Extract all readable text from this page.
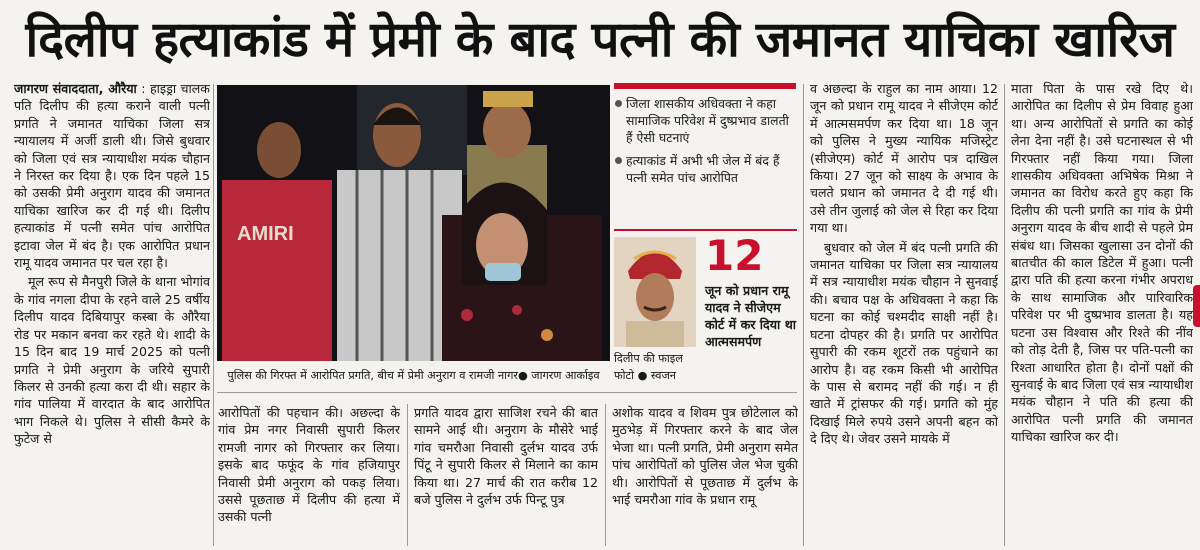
दिलीप हत्याकांड में प्रेमी के बाद पत्नी की जमानत याचिका खारिज

जागरण संवाददाता, औरैया : हाइड्रा चालक पति दिलीप की हत्या कराने वाली पत्नी प्रगति ने जमानत याचिका जिला सत्र न्यायालय में अर्जी डाली थी। जिसे बुधवार को जिला एवं सत्र न्यायाधीश मयंक चौहान ने निरस्त कर दिया है। एक दिन पहले 15 को उसकी प्रेमी अनुराग यादव की जमानत याचिका खारिज कर दी गई थी। दिलीप हत्याकांड में पत्नी समेत पांच आरोपित इटावा जेल में बंद है। एक आरोपित प्रधान रामू यादव जमानत पर चल रहा है।

मूल रूप से मैनपुरी जिले के थाना भोगांव के गांव नगला दीपा के रहने वाले 25 वर्षीय दिलीप यादव दिबियापुर कस्बा के औरैया रोड पर मकान बनवा कर रहते थे। शादी के 15 दिन बाद 19 मार्च 2025 को पत्नी प्रगति ने प्रेमी अनुराग के जरिये सुपारी किलर से उनकी हत्या करा दी थी। सहार के गांव पालिया में वारदात के बाद आरोपित भाग निकले थे। पुलिस ने सीसी कैमरे के फुटेज से

AMIRI
पुलिस की गिरफ्त में आरोपित प्रगति, बीच में प्रेमी अनुराग व रामजी नागर● जागरण आर्काइव
जिला शासकीय अधिवक्ता ने कहा सामाजिक परिवेश में दुष्प्रभाव डालती हैं ऐसी घटनाएं
हत्याकांड में अभी भी जेल में बंद हैं पत्नी समेत पांच आरोपित
दिलीप की फाइल फोटो ● स्वजन
12
जून को प्रधान रामू यादव ने सीजेएम कोर्ट में कर दिया था आत्मसमर्पण

आरोपितों की पहचान की। अछल्दा के गांव प्रेम नगर निवासी सुपारी किलर रामजी नागर को गिरफ्तार कर लिया। इसके बाद फफूंद के गांव हजियापुर निवासी प्रेमी अनुराग को पकड़ लिया। उससे पूछताछ में दिलीप की हत्या में उसकी पत्नी

प्रगति यादव द्वारा साजिश रचने की बात सामने आई थी। अनुराग के मौसेरे भाई गांव चमरौआ निवासी दुर्लभ यादव उर्फ पिंटू ने सुपारी किलर से मिलाने का काम किया था। 27 मार्च की रात करीब 12 बजे पुलिस ने दुर्लभ उर्फ पिन्टू पुत्र

अशोक यादव व शिवम पुत्र छोटेलाल को मुठभेड़ में गिरफ्तार करने के बाद जेल भेजा था। पत्नी प्रगति, प्रेमी अनुराग समेत पांच आरोपितों को पुलिस जेल भेज चुकी थी। आरोपितों से पूछताछ में दुर्लभ के भाई चमरौआ गांव के प्रधान रामू

व अछल्दा के राहुल का नाम आया। 12 जून को प्रधान रामू यादव ने सीजेएम कोर्ट में आत्मसमर्पण कर दिया था। 18 जून को पुलिस ने मुख्य न्यायिक मजिस्ट्रेट (सीजेएम) कोर्ट में आरोप पत्र दाखिल किया। 27 जून को साक्ष्य के अभाव के चलते प्रधान को जमानत दे दी गई थी। उसे तीन जुलाई को जेल से रिहा कर दिया गया था।

बुधवार को जेल में बंद पत्नी प्रगति की जमानत याचिका पर जिला सत्र न्यायालय में सत्र न्यायाधीश मयंक चौहान ने सुनवाई की। बचाव पक्ष के अधिवक्ता ने कहा कि घटना का कोई चश्मदीद साक्षी नहीं है। घटना दोपहर की है। प्रगति पर आरोपित सुपारी की रकम शूटरों तक पहुंचाने का आरोप है। वह रकम किसी भी आरोपित के पास से बरामद नहीं की गई। न ही खाते में ट्रांसफर की गई। प्रगति को मुंह दिखाई मिले रुपये उसने अपनी बहन को दे दिए थे। जेवर उसने मायके में

माता पिता के पास रखे दिए थे। आरोपित का दिलीप से प्रेम विवाह हुआ था। अन्य आरोपितों से प्रगति का कोई लेना देना नहीं है। उसे घटनास्थल से भी गिरफ्तार नहीं किया गया। जिला शासकीय अधिवक्ता अभिषेक मिश्रा ने जमानत का विरोध करते हुए कहा कि दिलीप की पत्नी प्रगति का गांव के प्रेमी अनुराग यादव के बीच शादी से पहले प्रेम संबंध था। जिसका खुलासा उन दोनों की बातचीत की काल डिटेल में हुआ। पत्नी द्वारा पति की हत्या करना गंभीर अपराध के साथ सामाजिक और पारिवारिक परिवेश पर भी दुष्प्रभाव डालता है। यह घटना उस विश्वास और रिश्ते की नींव को तोड़ देती है, जिस पर पति-पत्नी का रिश्ता आधारित होता है। दोनों पक्षों की सुनवाई के बाद जिला एवं सत्र न्यायाधीश मयंक चौहान ने पति की हत्या की आरोपित पत्नी प्रगति की जमानत याचिका खारिज कर दी।
